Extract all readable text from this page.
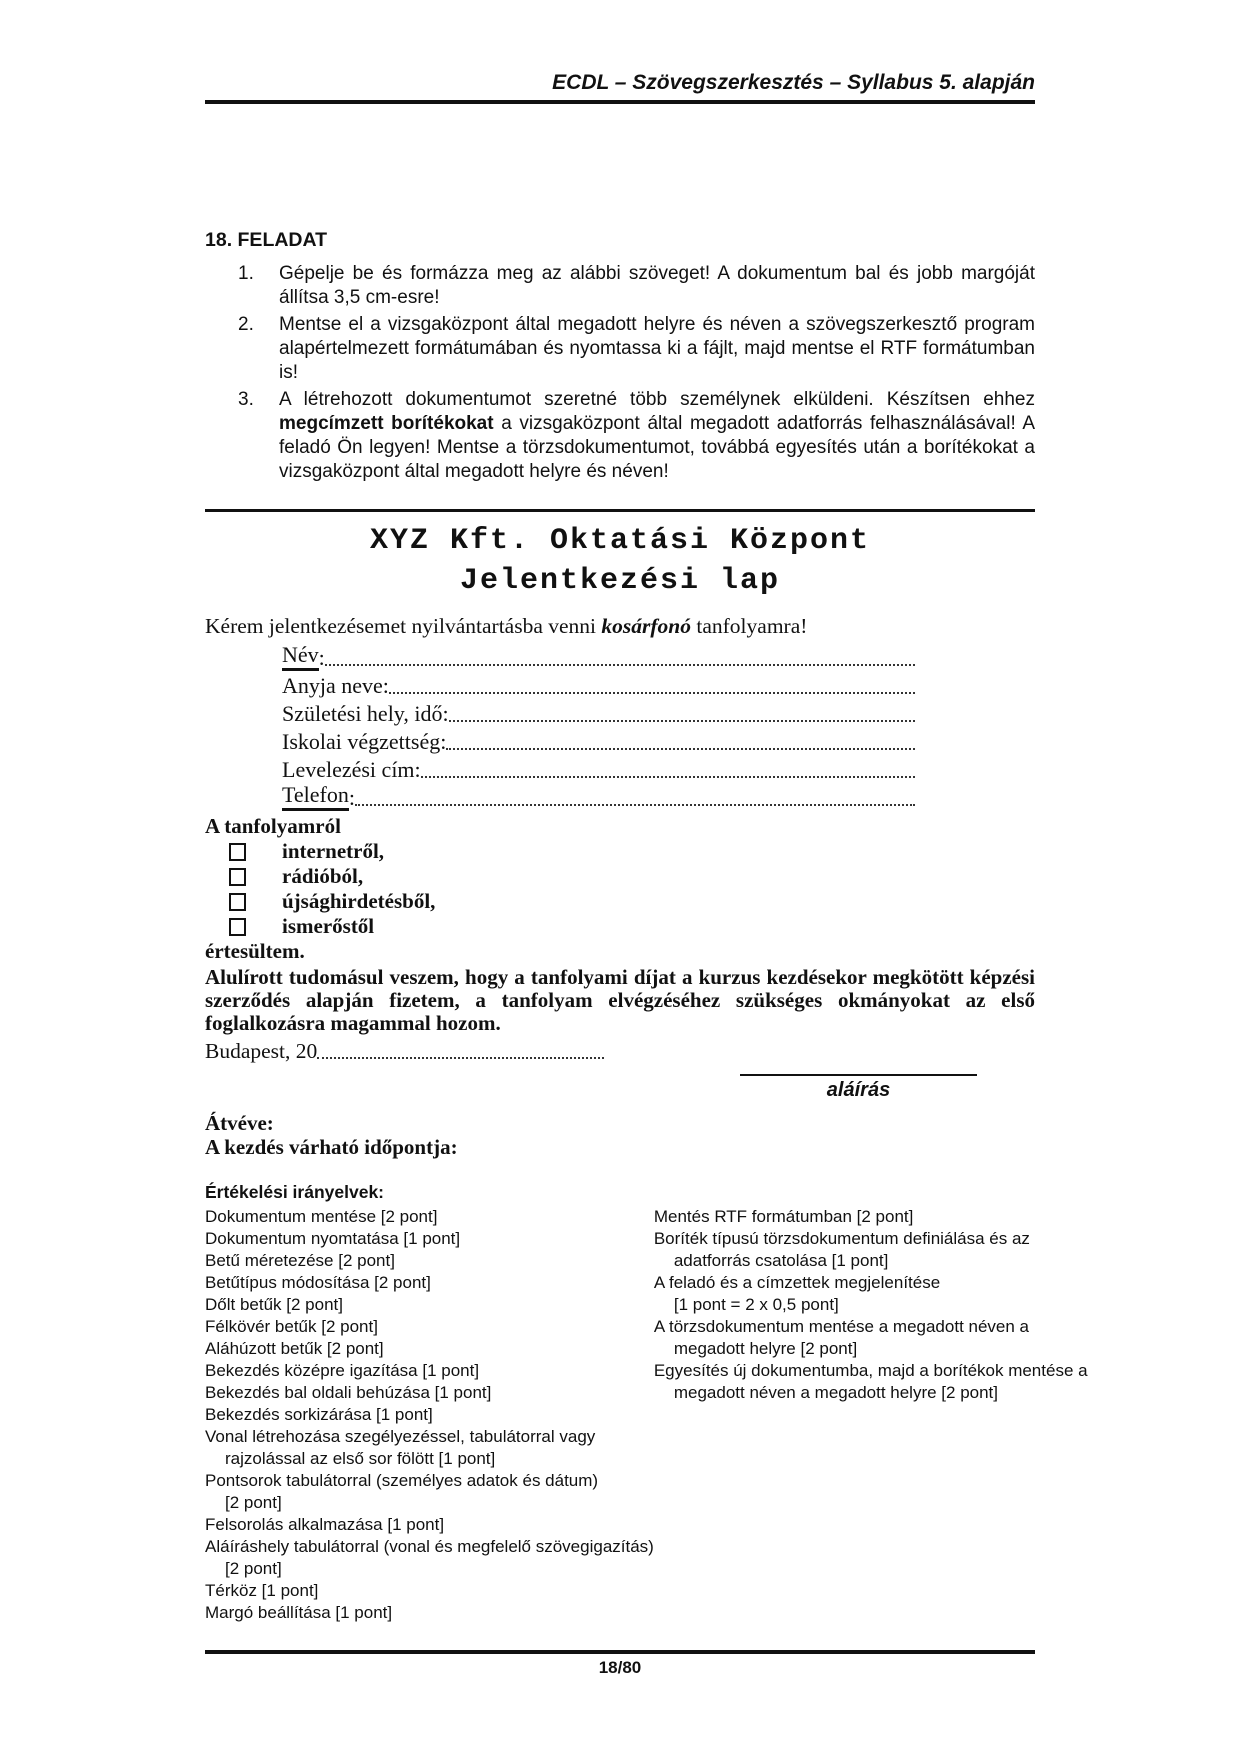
ECDL – Szövegszerkesztés – Syllabus 5. alapján
18. FELADAT
1.	Gépelje be és formázza meg az alábbi szöveget! A dokumentum bal és jobb margóját állítsa 3,5 cm-esre!
2.	Mentse el a vizsgaközpont által megadott helyre és néven a szövegszerkesztő program alapértelmezett formátumában és nyomtassa ki a fájlt, majd mentse el RTF formátumban is!
3.	A létrehozott dokumentumot szeretné több személynek elküldeni. Készítsen ehhez megcímzett borítékokat a vizsgaközpont által megadott adatforrás felhasználásával! A feladó Ön legyen! Mentse a törzsdokumentumot, továbbá egyesítés után a borítékokat a vizsgaközpont által megadott helyre és néven!
XYZ Kft. Oktatási Központ
Jelentkezési lap
Kérem jelentkezésemet nyilvántartásba venni kosárfonó tanfolyamra!
Név :
Anyja neve :
Születési hely, idő :
Iskolai végzettség :
Levelezési cím :
Telefon :
A tanfolyamról
internetről,
rádióból,
újsághirdetésből,
ismerőstől
értesültem.
Alulírott tudomásul veszem, hogy a tanfolyami díjat a kurzus kezdésekor megkötött képzési szerződés alapján fizetem, a tanfolyam elvégzéséhez szükséges okmányokat az első foglalkozásra magammal hozom.
Budapest, 20
aláírás
Átvéve:
A kezdés várható időpontja:
Értékelési irányelvek:
Dokumentum mentése [2 pont]
Dokumentum nyomtatása [1 pont]
Betű méretezése [2 pont]
Betűtípus módosítása [2 pont]
Dőlt betűk [2 pont]
Félkövér betűk [2 pont]
Aláhúzott betűk [2 pont]
Bekezdés középre igazítása [1 pont]
Bekezdés bal oldali behúzása [1 pont]
Bekezdés sorkizárása [1 pont]
Vonal létrehozása szegélyezéssel, tabulátorral vagy
rajzolással az első sor fölött [1 pont]
Pontsorok tabulátorral (személyes adatok és dátum)
[2 pont]
Felsorolás alkalmazása [1 pont]
Aláíráshely tabulátorral (vonal és megfelelő szövegigazítás)
[2 pont]
Térköz [1 pont]
Margó beállítása [1 pont]
Mentés RTF formátumban [2 pont]
Boríték típusú törzsdokumentum definiálása és az
adatforrás csatolása [1 pont]
A feladó és a címzettek megjelenítése
[1 pont = 2 x 0,5 pont]
A törzsdokumentum mentése a megadott néven a
megadott helyre [2 pont]
Egyesítés új dokumentumba, majd a borítékok mentése a
megadott néven a megadott helyre [2 pont]
18/80
